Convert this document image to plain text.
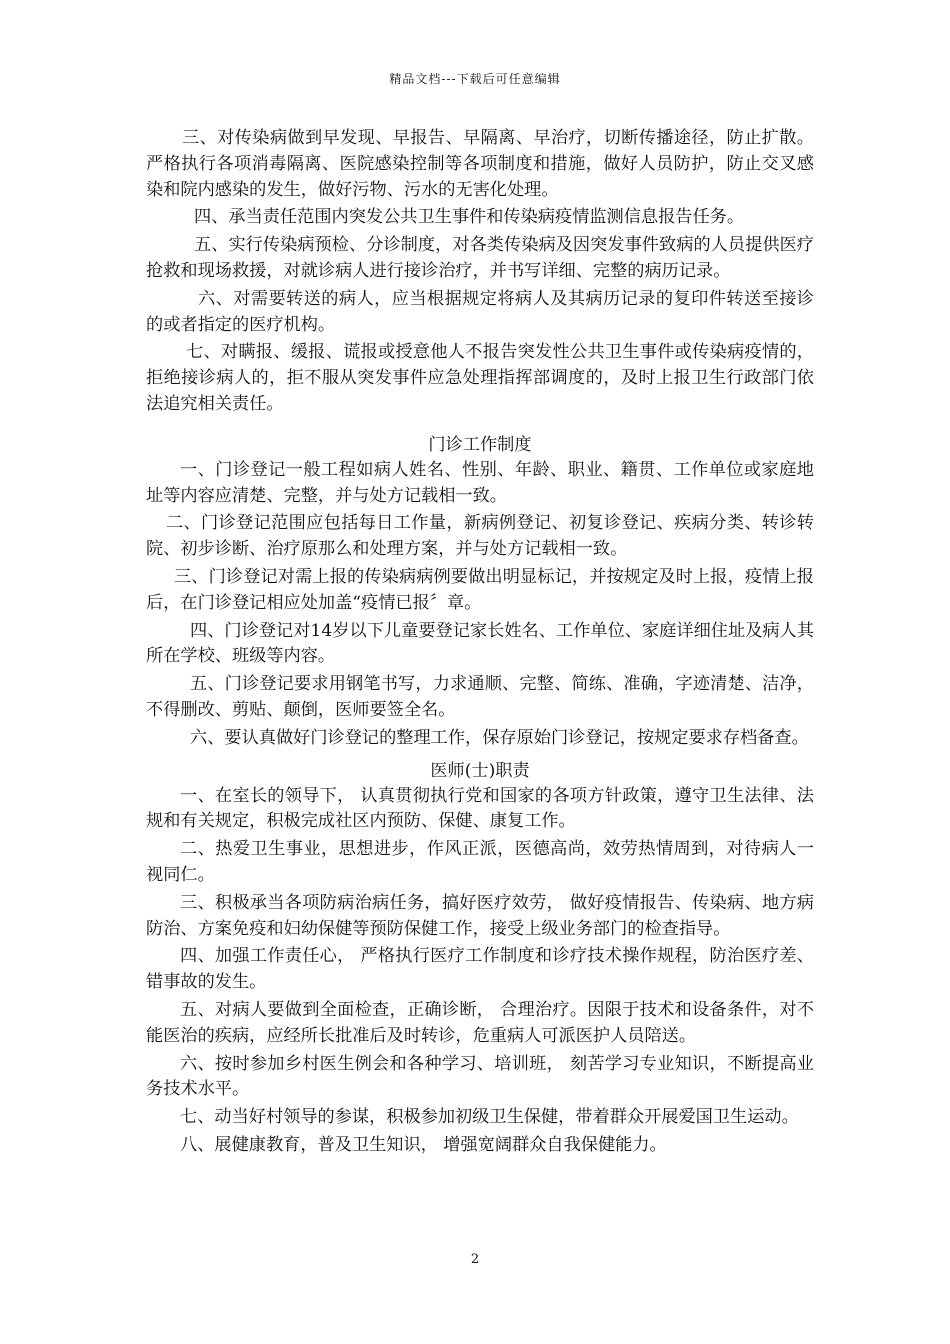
精品文档---下载后可任意编辑

三、对传染病做到早发现、早报告、早隔离、早治疗，切断传播途径，防止扩散。严格执行各项消毒隔离、医院感染控制等各项制度和措施，做好人员防护，防止交叉感染和院内感染的发生，做好污物、污水的无害化处理。

四、承当责任范围内突发公共卫生事件和传染病疫情监测信息报告任务。

五、实行传染病预检、分诊制度，对各类传染病及因突发事件致病的人员提供医疗抢救和现场救援，对就诊病人进行接诊治疗，并书写详细、完整的病历记录。

六、对需要转送的病人，应当根据规定将病人及其病历记录的复印件转送至接诊的或者指定的医疗机构。

七、对瞒报、缓报、谎报或授意他人不报告突发性公共卫生事件或传染病疫情的，拒绝接诊病人的，拒不服从突发事件应急处理指挥部调度的，及时上报卫生行政部门依法追究相关责任。

门诊工作制度

一、门诊登记一般工程如病人姓名、性别、年龄、职业、籍贯、工作单位或家庭地址等内容应清楚、完整，并与处方记载相一致。

二、门诊登记范围应包括每日工作量，新病例登记、初复诊登记、疾病分类、转诊转院、初步诊断、治疗原那么和处理方案，并与处方记载相一致。

三、门诊登记对需上报的传染病病例要做出明显标记，并按规定及时上报，疫情上报后，在门诊登记相应处加盖“疫情已报〞章。

四、门诊登记对14岁以下儿童要登记家长姓名、工作单位、家庭详细住址及病人其所在学校、班级等内容。

五、门诊登记要求用钢笔书写，力求通顺、完整、简练、准确，字迹清楚、洁净，不得删改、剪贴、颠倒，医师要签全名。

六、要认真做好门诊登记的整理工作，保存原始门诊登记，按规定要求存档备查。

医师(士)职责

一、在室长的领导下， 认真贯彻执行党和国家的各项方针政策，遵守卫生法律、法规和有关规定，积极完成社区内预防、保健、康复工作。

二、热爱卫生事业，思想进步，作风正派，医德高尚，效劳热情周到，对待病人一视同仁。

三、积极承当各项防病治病任务，搞好医疗效劳， 做好疫情报告、传染病、地方病防治、方案免疫和妇幼保健等预防保健工作，接受上级业务部门的检查指导。

四、加强工作责任心， 严格执行医疗工作制度和诊疗技术操作规程，防治医疗差、错事故的发生。

五、对病人要做到全面检查，正确诊断， 合理治疗。因限于技术和设备条件，对不能医治的疾病，应经所长批准后及时转诊，危重病人可派医护人员陪送。

六、按时参加乡村医生例会和各种学习、培训班， 刻苦学习专业知识，不断提高业务技术水平。

七、动当好村领导的参谋，积极参加初级卫生保健，带着群众开展爱国卫生运动。

八、展健康教育，普及卫生知识， 增强宽阔群众自我保健能力。

2
